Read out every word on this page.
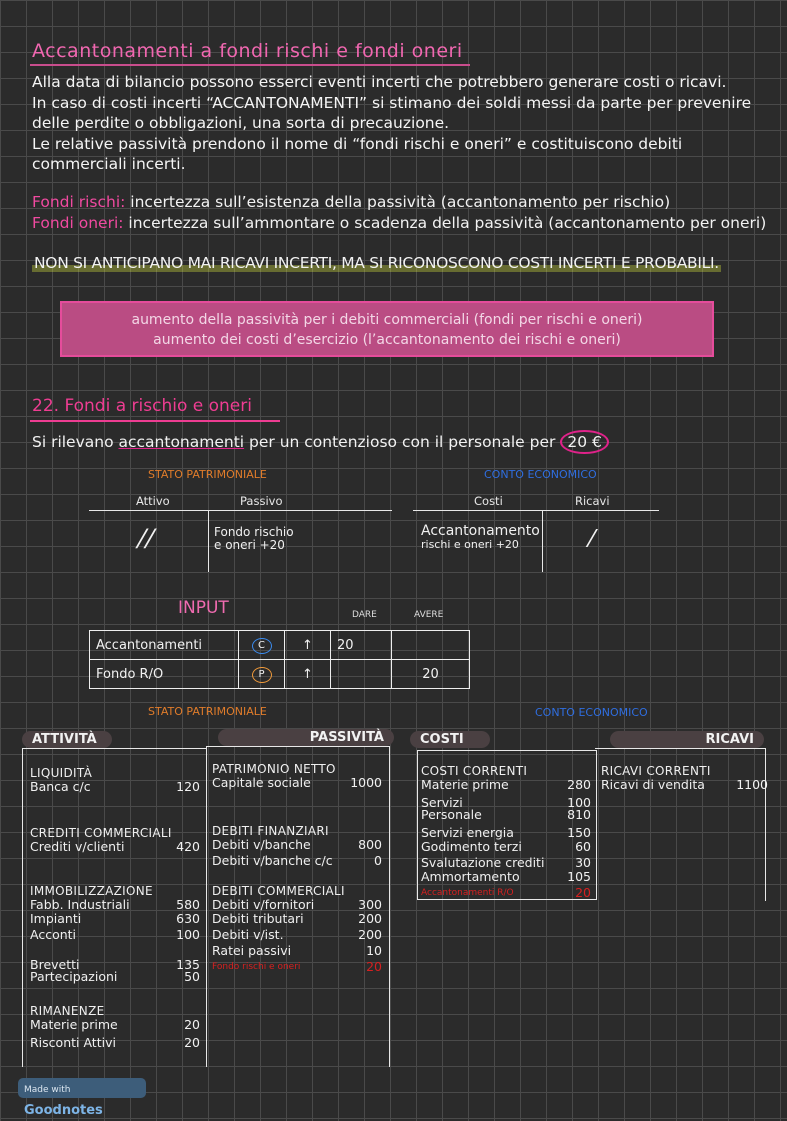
Accantonamenti a fondi rischi e fondi oneri
Alla data di bilancio possono esserci eventi incerti che potrebbero generare costi o ricavi.
In caso di costi incerti “ACCANTONAMENTI” si stimano dei soldi messi da parte per prevenire
delle perdite o obbligazioni, una sorta di precauzione.
Le relative passività prendono il nome di “fondi rischi e oneri” e costituiscono debiti
commerciali incerti.
Fondi rischi: incertezza sull’esistenza della passività (accantonamento per rischio)
Fondi oneri: incertezza sull’ammontare o scadenza della passività (accantonamento per oneri)
NON SI ANTICIPANO MAI RICAVI INCERTI, MA SI RICONOSCONO COSTI INCERTI E PROBABILI.
aumento della passività per i debiti commerciali (fondi per rischi e oneri)
aumento dei costi d’esercizio (l’accantonamento dei rischi e oneri)
22. Fondi a rischio e oneri
Si rilevano accantonamenti per un contenzioso con il personale per 20 €
STATO PATRIMONIALE	CONTO ECONOMICO
Attivo	Passivo	Costi	Ricavi
//	Fondo rischio
e oneri +20
Accantonamento
rischi e oneri +20	/
INPUT	DARE	AVERE
Accantonamenti	C	↑	20	
Fondo R/O	P	↑		20
STATO PATRIMONIALE	CONTO ECONOMICO
ATTIVITÀ	PASSIVITÀ	COSTI	RICAVI
LIQUIDITÀ
Banca c/c	120
CREDITI COMMERCIALI
Crediti v/clienti	420
IMMOBILIZZAZIONE
Fabb. Industriali	580
Impianti	630
Acconti	100
Brevetti	135
Partecipazioni	50
RIMANENZE
Materie prime	20
Risconti Attivi	20
PATRIMONIO NETTO
Capitale sociale	1000
DEBITI FINANZIARI
Debiti v/banche	800
Debiti v/banche c/c	0
DEBITI COMMERCIALI
Debiti v/fornitori	300
Debiti tributari	200
Debiti v/ist.	200
Ratei passivi	10
Fondo rischi e oneri	20
COSTI CORRENTI
Materie prime	280
Servizi	100
Personale	810
Servizi energia	150
Godimento terzi	60
Svalutazione crediti	30
Ammortamento	105
Accantonamenti R/O	20
RICAVI CORRENTI
Ricavi di vendita	1100
Made with Goodnotes
